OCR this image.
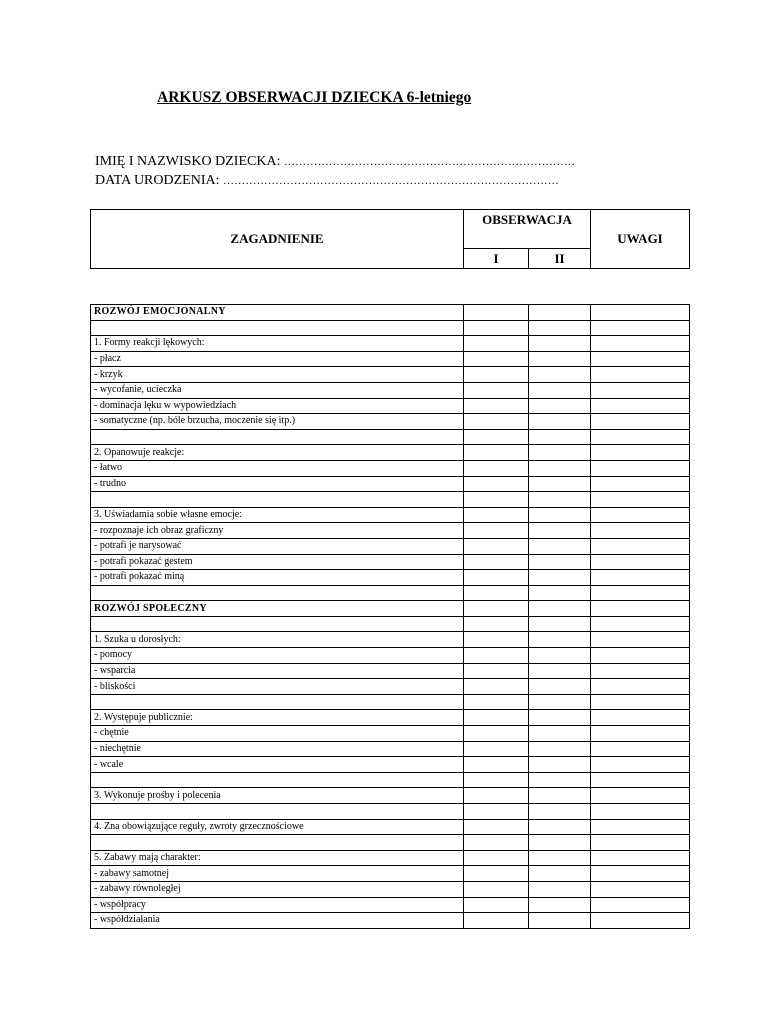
ARKUSZ OBSERWACJI DZIECKA 6-letniego
IMIĘ I NAZWISKO DZIECKA: ……………………………………………………………………
DATA URODZENIA: ………………………………………………………………………………
ZAGADNIENIE	OBSERWACJA		UWAGI
	I	II	
ROZWÓJ EMOCJONALNY			

1. Formy reakcji lękowych:			
- płacz			
- krzyk			
- wycofanie, ucieczka			
- dominacja lęku w wypowiedziach			
- somatyczne (np. bóle brzucha, moczenie się itp.)			

2. Opanowuje reakcje:			
- łatwo			
- trudno			

3. Uświadamia sobie własne emocje:			
- rozpoznaje ich obraz graficzny			
- potrafi je narysować			
- potrafi pokazać gestem			
- potrafi pokazać miną			

ROZWÓJ SPOŁECZNY			

1. Szuka u dorosłych:			
- pomocy			
- wsparcia			
- bliskości			

2. Występuje publicznie:			
- chętnie			
- niechętnie			
- wcale			

3. Wykonuje prośby i polecenia			

4. Zna obowiązujące reguły, zwroty grzecznościowe			

5. Zabawy mają charakter:			
- zabawy samotnej			
- zabawy równoległej			
- współpracy			
- współdziałania			
